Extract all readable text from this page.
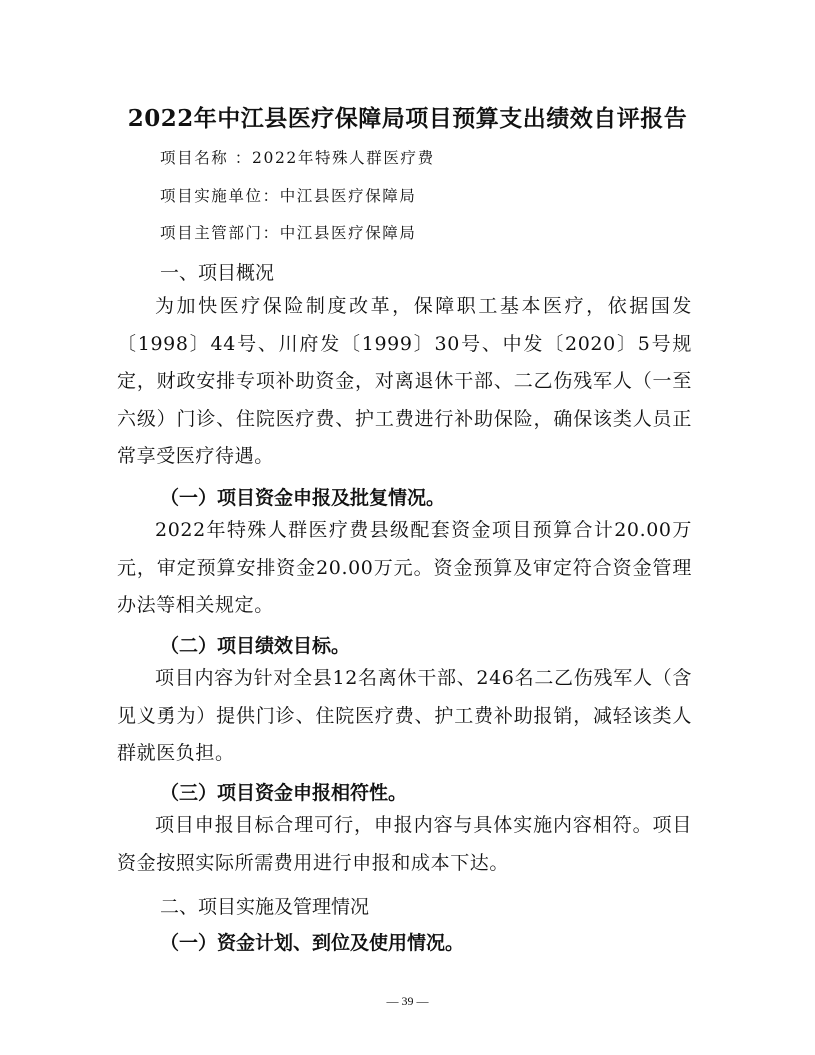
2022年中江县医疗保障局项目预算支出绩效自评报告
项目名称 ：2022年特殊人群医疗费
项目实施单位：中江县医疗保障局
项目主管部门：中江县医疗保障局
一、项目概况
为加快医疗保险制度改革，保障职工基本医疗，依据国发〔1998〕44号、川府发〔1999〕30号、中发〔2020〕5号规定，财政安排专项补助资金，对离退休干部、二乙伤残军人（一至六级）门诊、住院医疗费、护工费进行补助保险，确保该类人员正常享受医疗待遇。
（一）项目资金申报及批复情况。
2022年特殊人群医疗费县级配套资金项目预算合计20.00万元，审定预算安排资金20.00万元。资金预算及审定符合资金管理办法等相关规定。
（二）项目绩效目标。
项目内容为针对全县12名离休干部、246名二乙伤残军人（含见义勇为）提供门诊、住院医疗费、护工费补助报销，减轻该类人群就医负担。
（三）项目资金申报相符性。
项目申报目标合理可行，申报内容与具体实施内容相符。项目资金按照实际所需费用进行申报和成本下达。
二、项目实施及管理情况
（一）资金计划、到位及使用情况。
— 39 —
